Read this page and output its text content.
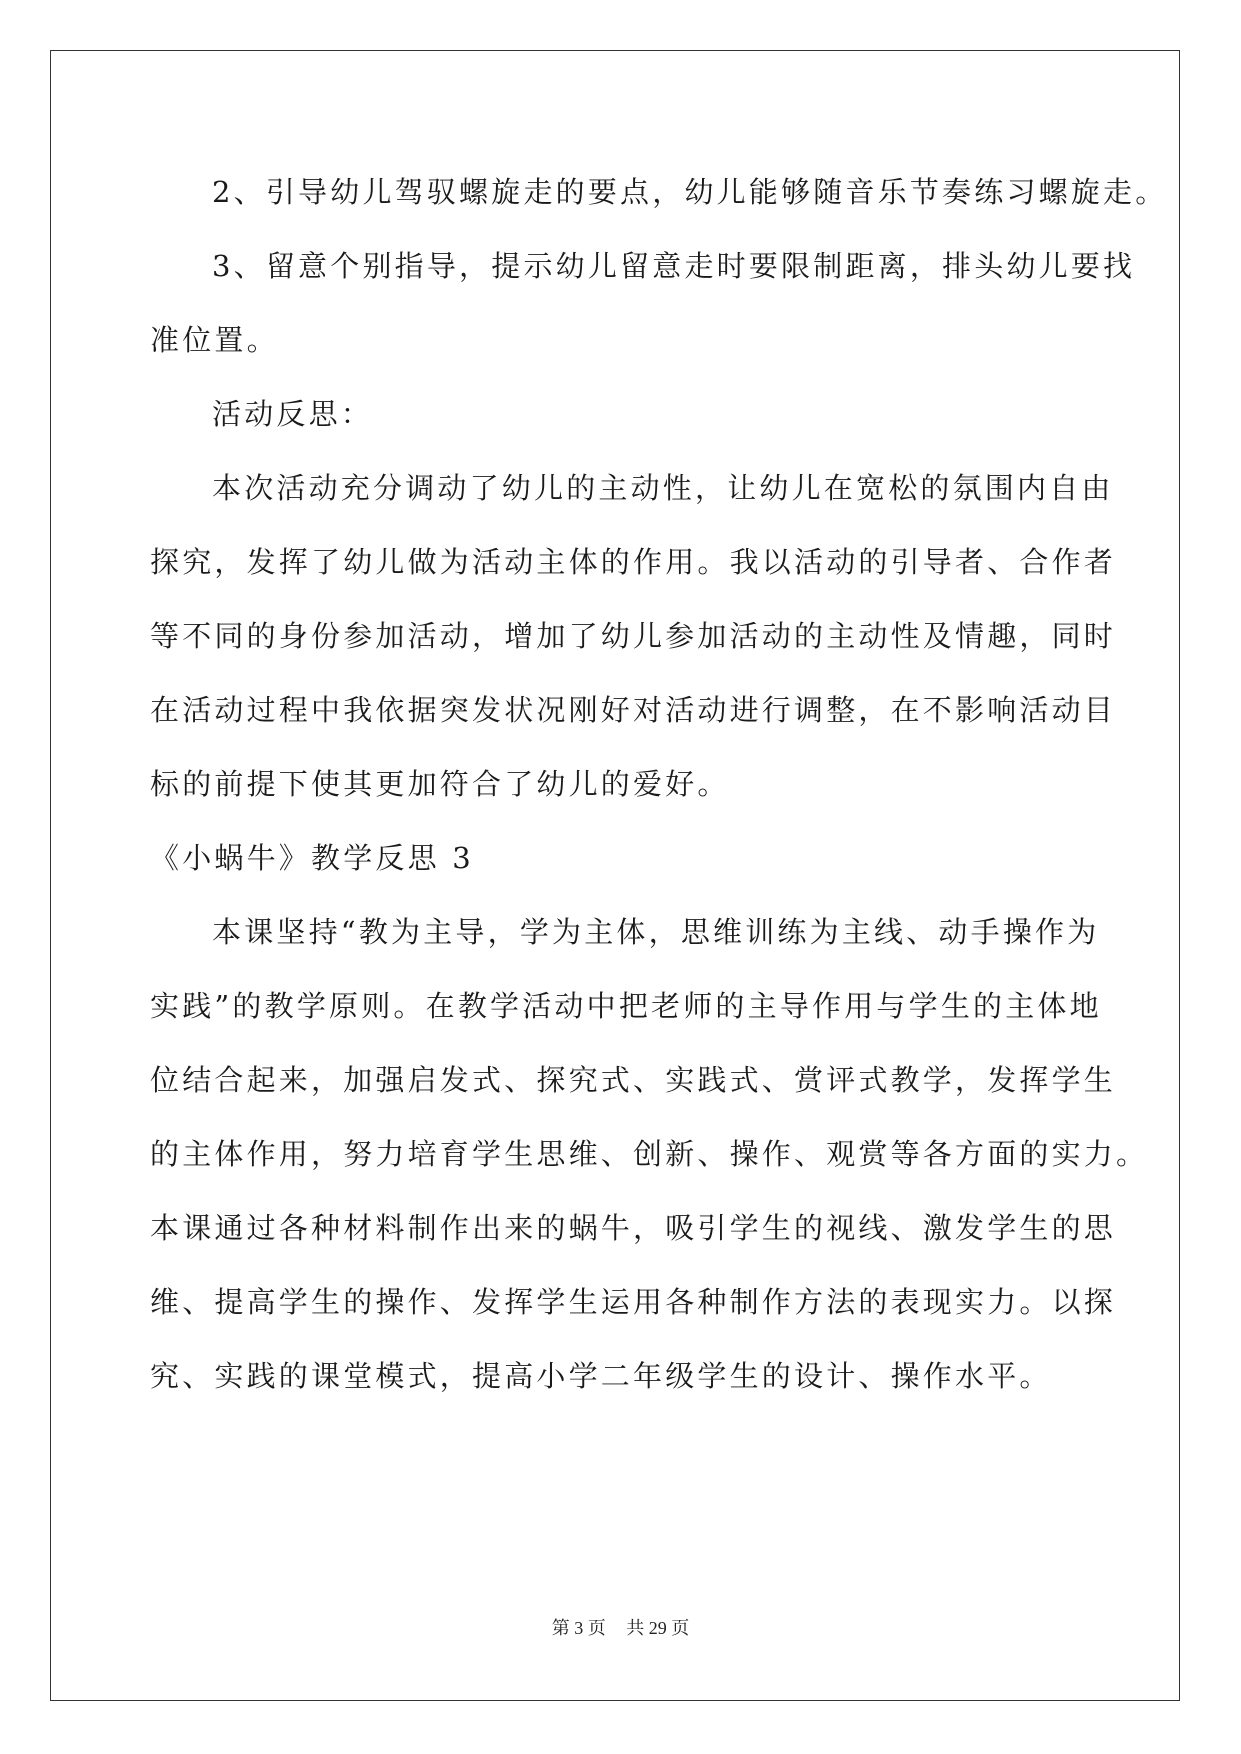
2、引导幼儿驾驭螺旋走的要点，幼儿能够随音乐节奏练习螺旋走。
3、留意个别指导，提示幼儿留意走时要限制距离，排头幼儿要找
准位置。
活动反思：
本次活动充分调动了幼儿的主动性，让幼儿在宽松的氛围内自由
探究，发挥了幼儿做为活动主体的作用。我以活动的引导者、合作者
等不同的身份参加活动，增加了幼儿参加活动的主动性及情趣，同时
在活动过程中我依据突发状况刚好对活动进行调整，在不影响活动目
标的前提下使其更加符合了幼儿的爱好。
《小蜗牛》教学反思 3
本课坚持“教为主导，学为主体，思维训练为主线、动手操作为
实践”的教学原则。在教学活动中把老师的主导作用与学生的主体地
位结合起来，加强启发式、探究式、实践式、赏评式教学，发挥学生
的主体作用，努力培育学生思维、创新、操作、观赏等各方面的实力。
本课通过各种材料制作出来的蜗牛，吸引学生的视线、激发学生的思
维、提高学生的操作、发挥学生运用各种制作方法的表现实力。以探
究、实践的课堂模式，提高小学二年级学生的设计、操作水平。
第 3 页 共 29 页
